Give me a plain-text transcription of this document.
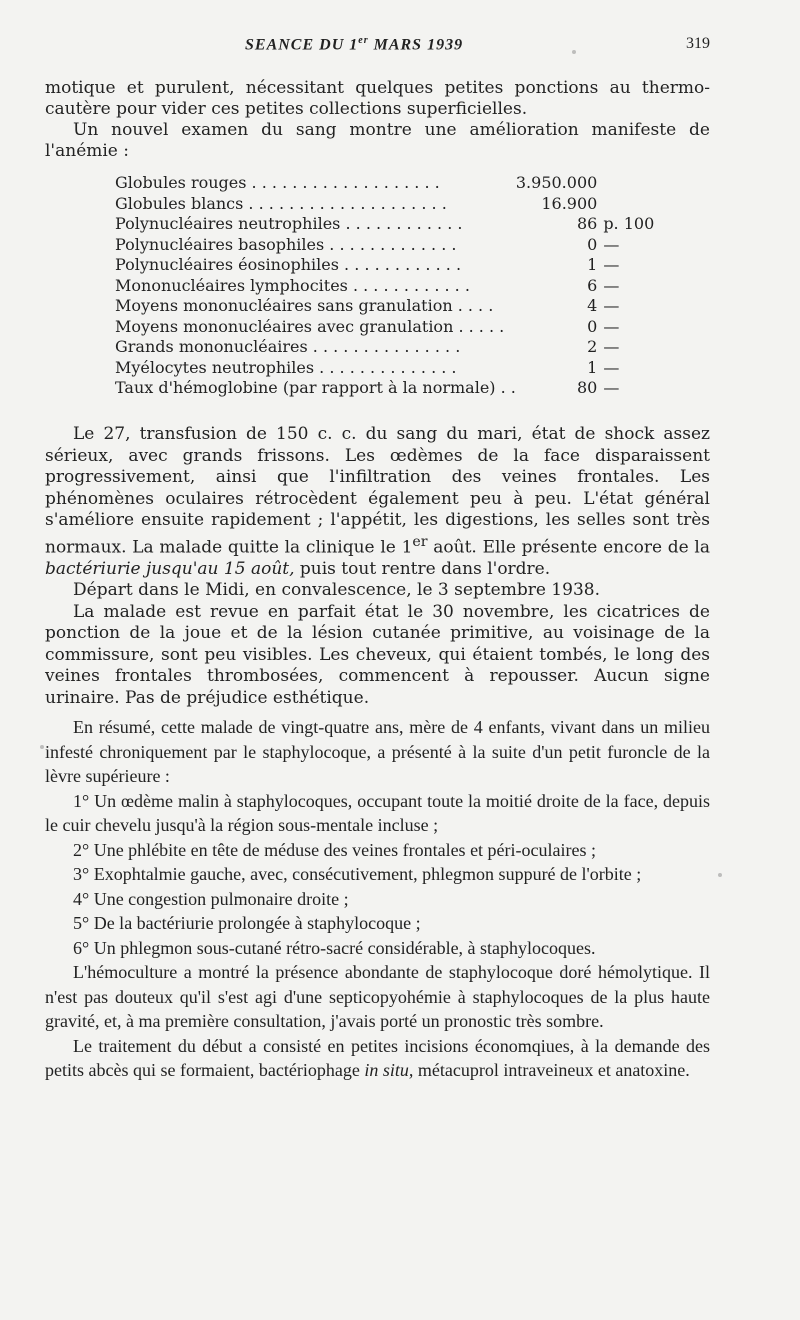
SEANCE DU 1er MARS 1939	319

motique et purulent, nécessitant quelques petites ponctions au thermo-cautère pour vider ces petites collections superficielles.

Un nouvel examen du sang montre une amélioration manifeste de l'anémie :

Globules rouges . . . . . . . . . . . . . . . . . . .	3.950.000	
Globules blancs . . . . . . . . . . . . . . . . . . . .	16.900	
Polynucléaires neutrophiles . . . . . . . . . . . .	86	p. 100
Polynucléaires basophiles . . . . . . . . . . . . .	0	—
Polynucléaires éosinophiles . . . . . . . . . . . .	1	—
Mononucléaires lymphocites . . . . . . . . . . . .	6	—
Moyens mononucléaires sans granulation . . . .	4	—
Moyens mononucléaires avec granulation . . . . .	0	—
Grands mononucléaires . . . . . . . . . . . . . . .	2	—
Myélocytes neutrophiles . . . . . . . . . . . . . .	1	—
Taux d'hémoglobine (par rapport à la normale) . .	80	—

Le 27, transfusion de 150 c. c. du sang du mari, état de shock assez sérieux, avec grands frissons. Les œdèmes de la face disparaissent progressivement, ainsi que l'infiltration des veines frontales. Les phénomènes oculaires rétrocèdent également peu à peu. L'état général s'améliore ensuite rapidement ; l'appétit, les digestions, les selles sont très normaux. La malade quitte la clinique le 1er août. Elle présente encore de la bactériurie jusqu'au 15 août, puis tout rentre dans l'ordre.

Départ dans le Midi, en convalescence, le 3 septembre 1938.

La malade est revue en parfait état le 30 novembre, les cicatrices de ponction de la joue et de la lésion cutanée primitive, au voisinage de la commissure, sont peu visibles. Les cheveux, qui étaient tombés, le long des veines frontales thrombosées, commencent à repousser. Aucun signe urinaire. Pas de préjudice esthétique.

En résumé, cette malade de vingt-quatre ans, mère de 4 enfants, vivant dans un milieu infesté chroniquement par le staphylocoque, a présenté à la suite d'un petit furoncle de la lèvre supérieure :

1° Un œdème malin à staphylocoques, occupant toute la moitié droite de la face, depuis le cuir chevelu jusqu'à la région sous-mentale incluse ;

2° Une phlébite en tête de méduse des veines frontales et péri-oculaires ;

3° Exophtalmie gauche, avec, consécutivement, phlegmon suppuré de l'orbite ;

4° Une congestion pulmonaire droite ;

5° De la bactériurie prolongée à staphylocoque ;

6° Un phlegmon sous-cutané rétro-sacré considérable, à staphylocoques.

L'hémoculture a montré la présence abondante de staphylocoque doré hémolytique. Il n'est pas douteux qu'il s'est agi d'une septicopyohémie à staphylocoques de la plus haute gravité, et, à ma première consultation, j'avais porté un pronostic très sombre.

Le traitement du début a consisté en petites incisions économqiues, à la demande des petits abcès qui se formaient, bactériophage in situ, métacuprol intraveineux et anatoxine.
